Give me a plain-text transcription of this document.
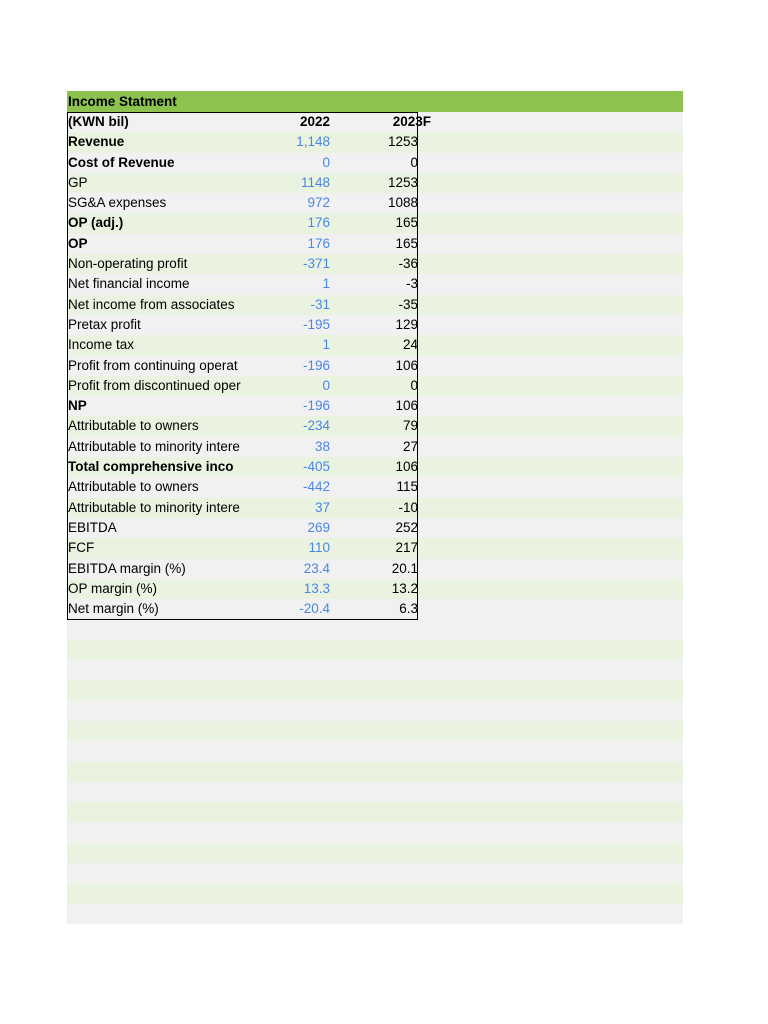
Income Statment
(KWN bil)	2022	2023F
Revenue	1,148	1253
Cost of Revenue	0	0
GP	1148	1253
SG&A expenses	972	1088
OP (adj.)	176	165
OP	176	165
Non-operating profit	-371	-36
Net financial income	1	-3
Net income from associates	-31	-35
Pretax profit	-195	129
Income tax	1	24
Profit from continuing operat	-196	106
Profit from discontinued oper	0	0
NP	-196	106
Attributable to owners	-234	79
Attributable to minority intere	38	27
Total comprehensive inco	-405	106
Attributable to owners	-442	115
Attributable to minority intere	37	-10
EBITDA	269	252
FCF	110	217
EBITDA margin (%)	23.4	20.1
OP margin (%)	13.3	13.2
Net margin (%)	-20.4	6.3
